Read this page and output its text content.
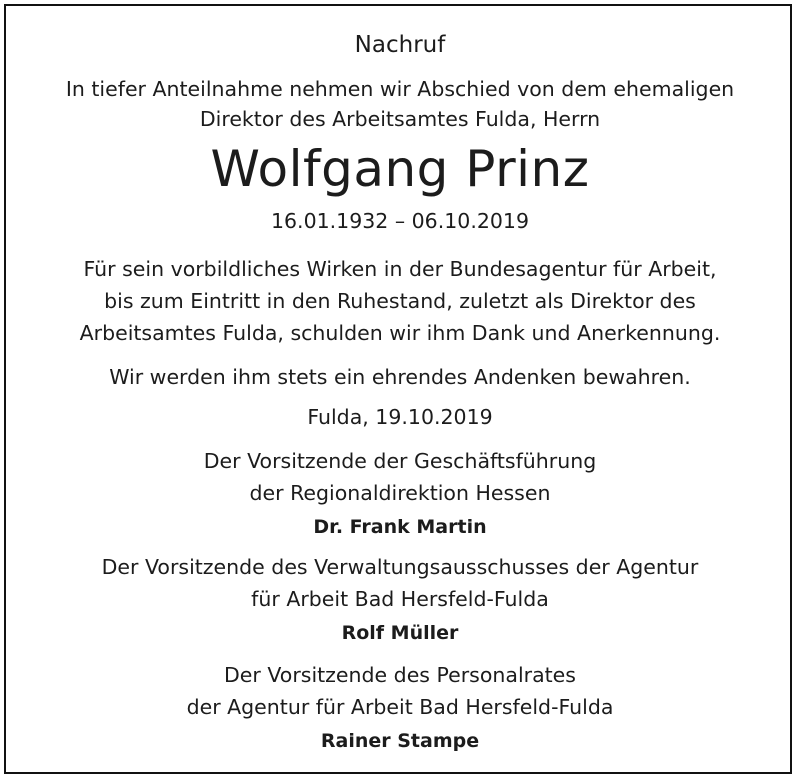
Nachruf
In tiefer Anteilnahme nehmen wir Abschied von dem ehemaligen
Direktor des Arbeitsamtes Fulda, Herrn
Wolfgang Prinz
16.01.1932 – 06.10.2019
Für sein vorbildliches Wirken in der Bundesagentur für Arbeit,
bis zum Eintritt in den Ruhestand, zuletzt als Direktor des
Arbeitsamtes Fulda, schulden wir ihm Dank und Anerkennung.
Wir werden ihm stets ein ehrendes Andenken bewahren.
Fulda, 19.10.2019
Der Vorsitzende der Geschäftsführung
der Regionaldirektion Hessen
Dr. Frank Martin
Der Vorsitzende des Verwaltungsausschusses der Agentur
für Arbeit Bad Hersfeld-Fulda
Rolf Müller
Der Vorsitzende des Personalrates
der Agentur für Arbeit Bad Hersfeld-Fulda
Rainer Stampe
